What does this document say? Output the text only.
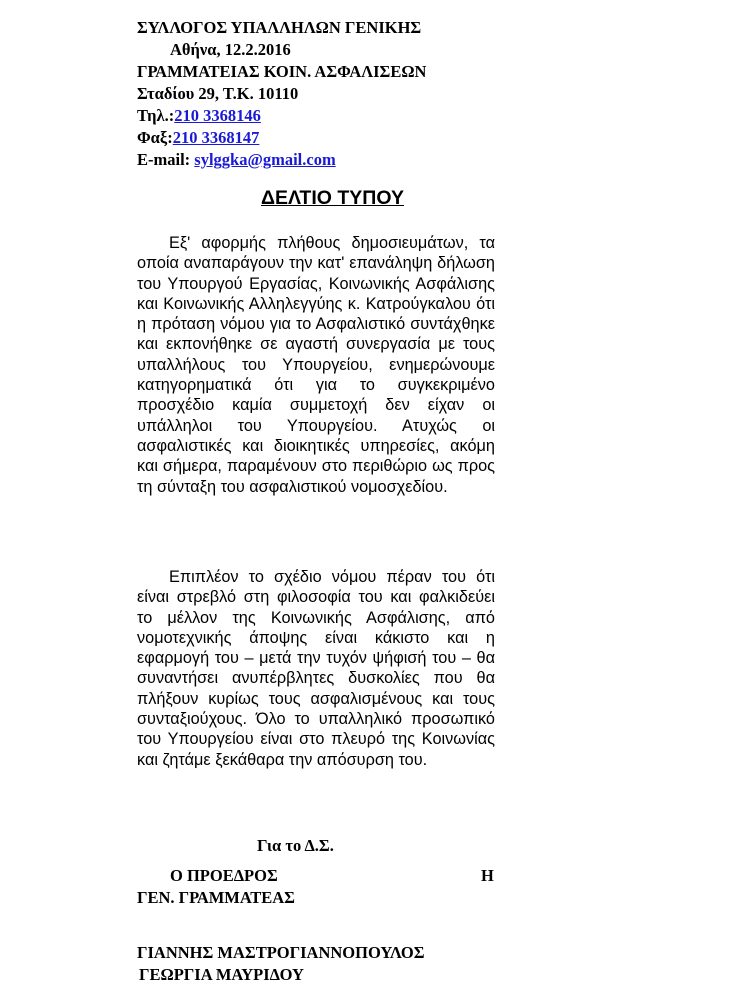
ΣΥΛΛΟΓΟΣ ΥΠΑΛΛΗΛΩΝ ΓΕΝΙΚΗΣ
Αθήνα, 12.2.2016
ΓΡΑΜΜΑΤΕΙΑΣ ΚΟΙΝ. ΑΣΦΑΛΙΣΕΩΝ
Σταδίου 29, Τ.Κ. 10110
Τηλ.:210 3368146
Φαξ:210 3368147
E-mail: sylggka@gmail.com
ΔΕΛΤΙΟ ΤΥΠΟΥ

Εξ' αφορμής πλήθους δημοσιευμάτων, τα οποία αναπαράγουν την κατ' επανάληψη δήλωση του Υπουργού Εργασίας, Κοινωνικής Ασφάλισης και Κοινωνικής Αλληλεγγύης κ. Κατρούγκαλου ότι η πρόταση νόμου για το Ασφαλιστικό συντάχθηκε και εκπονήθηκε σε αγαστή συνεργασία με τους υπαλλήλους του Υπουργείου, ενημερώνουμε κατηγορηματικά ότι για το συγκεκριμένο προσχέδιο καμία συμμετοχή δεν είχαν οι υπάλληλοι του Υπουργείου. Ατυχώς οι ασφαλιστικές και διοικητικές υπηρεσίες, ακόμη και σήμερα, παραμένουν στο περιθώριο ως προς τη σύνταξη του ασφαλιστικού νομοσχεδίου.

Επιπλέον το σχέδιο νόμου πέραν του ότι είναι στρεβλό στη φιλοσοφία του και φαλκιδεύει το μέλλον της Κοινωνικής Ασφάλισης, από νομοτεχνικής άποψης είναι κάκιστο και η εφαρμογή του – μετά την τυχόν ψήφισή του – θα συναντήσει ανυπέρβλητες δυσκολίες που θα πλήξουν κυρίως τους ασφαλισμένους και τους συνταξιούχους. Όλο το υπαλληλικό προσωπικό του Υπουργείου είναι στο πλευρό της Κοινωνίας και ζητάμε ξεκάθαρα την απόσυρση του.

Για το Δ.Σ.
Ο ΠΡΟΕΔΡΟΣ	Η
ΓΕΝ. ΓΡΑΜΜΑΤΕΑΣ
ΓΙΑΝΝΗΣ ΜΑΣΤΡΟΓΙΑΝΝΟΠΟΥΛΟΣ
ΓΕΩΡΓΙΑ ΜΑΥΡΙΔΟΥ
